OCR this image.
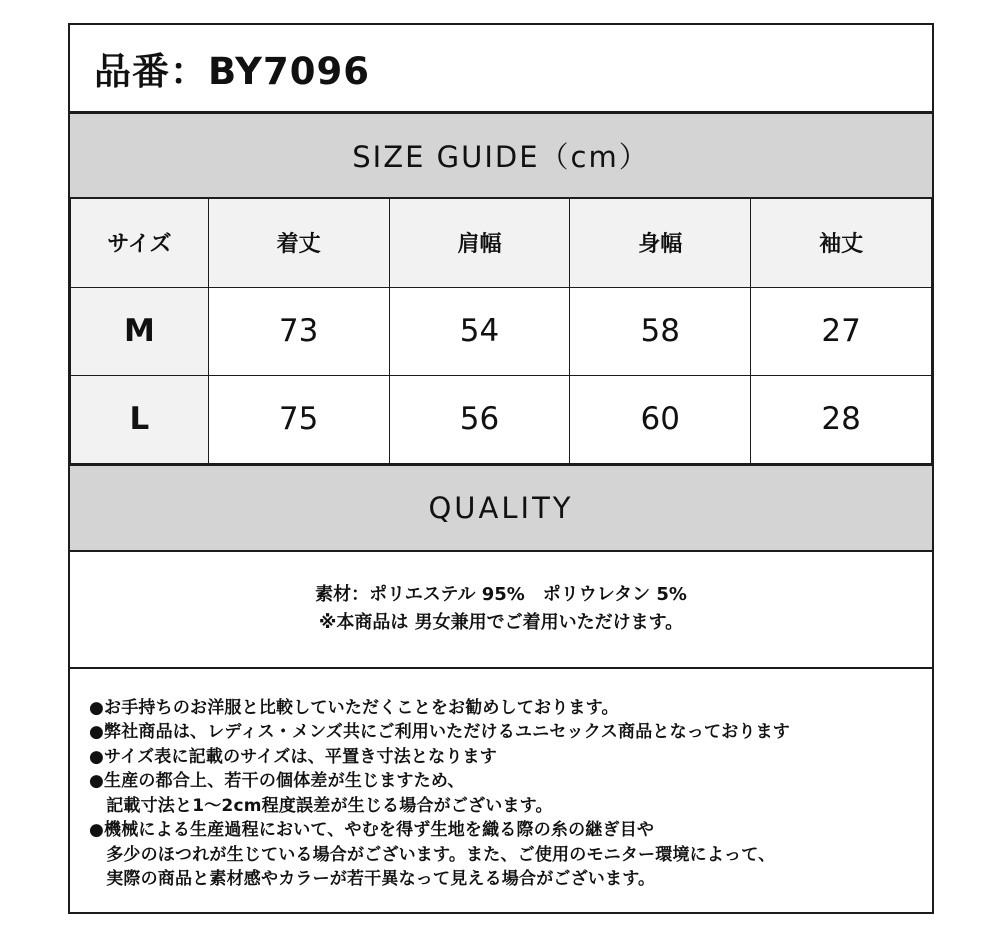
品番：BY7096
SIZE GUIDE（cm）
サイズ	着丈	肩幅	身幅	袖丈
M	73	54	58	27
L	75	56	60	28
QUALITY
素材：ポリエステル 95%　ポリウレタン 5%
※本商品は 男女兼用でご着用いただけます。
●お手持ちのお洋服と比較していただくことをお勧めしております。
●弊社商品は、レディス・メンズ共にご利用いただけるユニセックス商品となっております
●サイズ表に記載のサイズは、平置き寸法となります
●生産の都合上、若干の個体差が生じますため、
　記載寸法と1～2cm程度誤差が生じる場合がございます。
●機械による生産過程において、やむを得ず生地を織る際の糸の継ぎ目や
　多少のほつれが生じている場合がございます。また、ご使用のモニター環境によって、
　実際の商品と素材感やカラーが若干異なって見える場合がございます。
